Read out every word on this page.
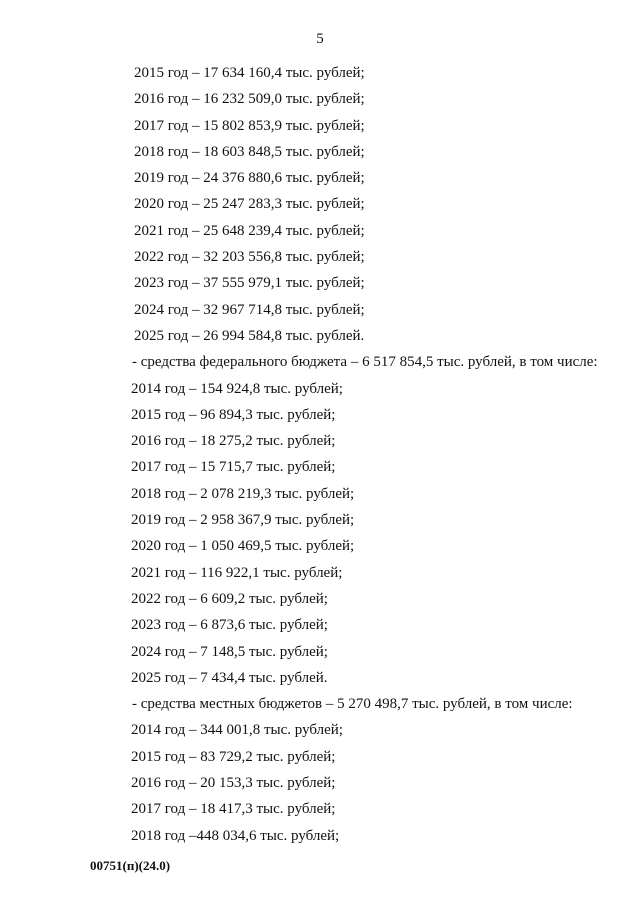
5
2015 год – 17 634 160,4 тыс. рублей;
2016 год – 16 232 509,0 тыс. рублей;
2017 год – 15 802 853,9 тыс. рублей;
2018 год – 18 603 848,5 тыс. рублей;
2019 год – 24 376 880,6 тыс. рублей;
2020 год – 25 247 283,3 тыс. рублей;
2021 год – 25 648 239,4 тыс. рублей;
2022 год – 32 203 556,8 тыс. рублей;
2023 год – 37 555 979,1 тыс. рублей;
2024 год – 32 967 714,8 тыс. рублей;
2025 год – 26 994 584,8 тыс. рублей.
- средства федерального бюджета – 6 517 854,5 тыс. рублей, в том числе:
2014 год – 154 924,8 тыс. рублей;
2015 год – 96 894,3 тыс. рублей;
2016 год – 18 275,2 тыс. рублей;
2017 год – 15 715,7 тыс. рублей;
2018 год – 2 078 219,3 тыс. рублей;
2019 год – 2 958 367,9 тыс. рублей;
2020 год – 1 050 469,5 тыс. рублей;
2021 год – 116 922,1 тыс. рублей;
2022 год – 6 609,2 тыс. рублей;
2023 год – 6 873,6 тыс. рублей;
2024 год – 7 148,5 тыс. рублей;
2025 год – 7 434,4 тыс. рублей.
- средства местных бюджетов – 5 270 498,7 тыс. рублей, в том числе:
2014 год – 344 001,8 тыс. рублей;
2015 год – 83 729,2 тыс. рублей;
2016 год – 20 153,3 тыс. рублей;
2017 год – 18 417,3 тыс. рублей;
2018 год –448 034,6 тыс. рублей;
00751(п)(24.0)
